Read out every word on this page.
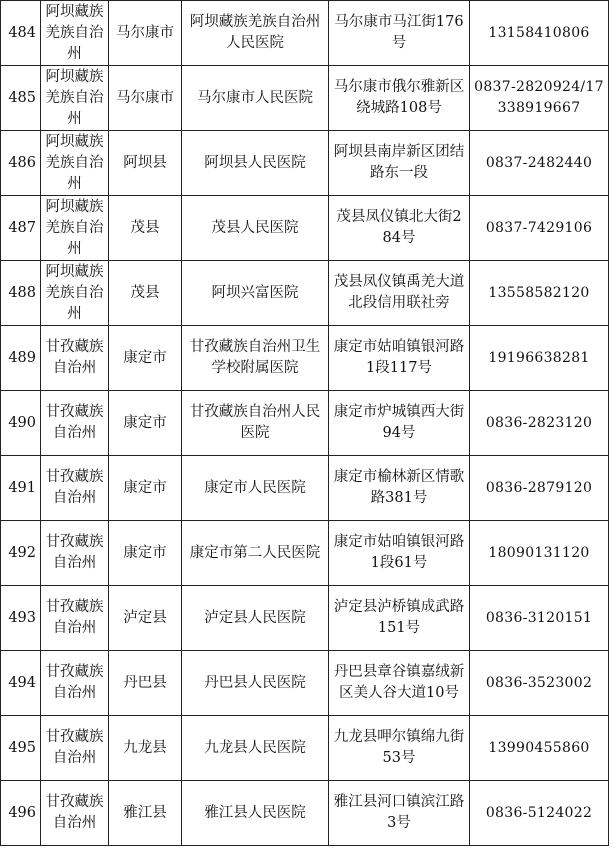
484	阿坝藏族羌族自治州	马尔康市	阿坝藏族羌族自治州人民医院	马尔康市马江街176号	13158410806
485	阿坝藏族羌族自治州	马尔康市	马尔康市人民医院	马尔康市俄尔雅新区绕城路108号	0837-2820924/17338919667
486	阿坝藏族羌族自治州	阿坝县	阿坝县人民医院	阿坝县南岸新区团结路东一段	0837-2482440
487	阿坝藏族羌族自治州	茂县	茂县人民医院	茂县凤仪镇北大街284号	0837-7429106
488	阿坝藏族羌族自治州	茂县	阿坝兴富医院	茂县凤仪镇禹羌大道北段信用联社旁	13558582120
489	甘孜藏族自治州	康定市	甘孜藏族自治州卫生学校附属医院	康定市姑咱镇银河路1段117号	19196638281
490	甘孜藏族自治州	康定市	甘孜藏族自治州人民医院	康定市炉城镇西大街94号	0836-2823120
491	甘孜藏族自治州	康定市	康定市人民医院	康定市榆林新区情歌路381号	0836-2879120
492	甘孜藏族自治州	康定市	康定市第二人民医院	康定市姑咱镇银河路1段61号	18090131120
493	甘孜藏族自治州	泸定县	泸定县人民医院	泸定县泸桥镇成武路151号	0836-3120151
494	甘孜藏族自治州	丹巴县	丹巴县人民医院	丹巴县章谷镇嘉绒新区美人谷大道10号	0836-3523002
495	甘孜藏族自治州	九龙县	九龙县人民医院	九龙县呷尔镇绵九街53号	13990455860
496	甘孜藏族自治州	雅江县	雅江县人民医院	雅江县河口镇滨江路3号	0836-5124022
